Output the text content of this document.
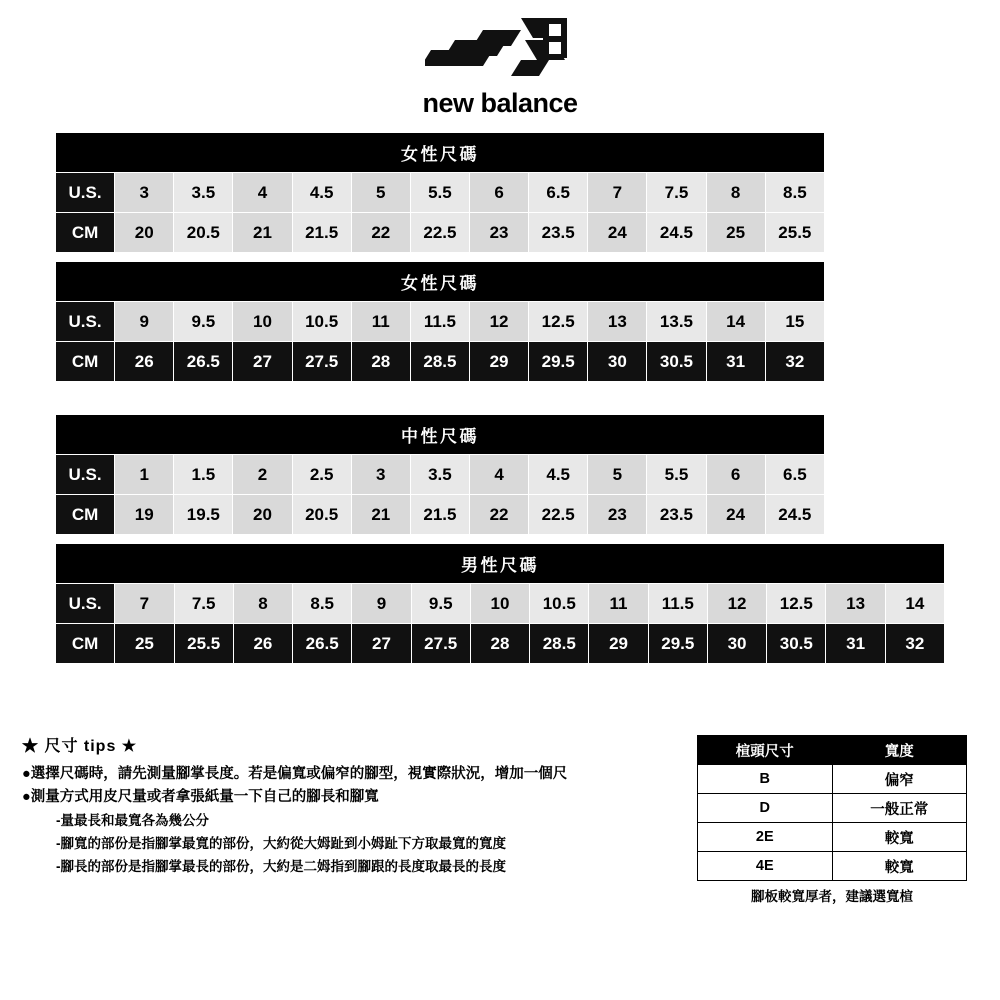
new balance
女性尺碼												
U.S.	3	3.5	4	4.5	5	5.5	6	6.5	7	7.5	8	8.5
CM	20	20.5	21	21.5	22	22.5	23	23.5	24	24.5	25	25.5
女性尺碼												
U.S.	9	9.5	10	10.5	11	11.5	12	12.5	13	13.5	14	15
CM	26	26.5	27	27.5	28	28.5	29	29.5	30	30.5	31	32
中性尺碼												
U.S.	1	1.5	2	2.5	3	3.5	4	4.5	5	5.5	6	6.5
CM	19	19.5	20	20.5	21	21.5	22	22.5	23	23.5	24	24.5
男性尺碼														
U.S.	7	7.5	8	8.5	9	9.5	10	10.5	11	11.5	12	12.5	13	14
CM	25	25.5	26	26.5	27	27.5	28	28.5	29	29.5	30	30.5	31	32
★ 尺寸 tips ★
●選擇尺碼時，請先測量腳掌長度。若是偏寬或偏窄的腳型，視實際狀況，增加一個尺
●測量方式用皮尺量或者拿張紙量一下自己的腳長和腳寬
-量最長和最寬各為幾公分
-腳寬的部份是指腳掌最寬的部份，大約從大姆趾到小姆趾下方取最寬的寬度
-腳長的部份是指腳掌最長的部份，大約是二姆指到腳跟的長度取最長的長度
楦頭尺寸	寬度
B	偏窄
D	一般正常
2E	較寬
4E	較寬
腳板較寬厚者，建議選寬楦
